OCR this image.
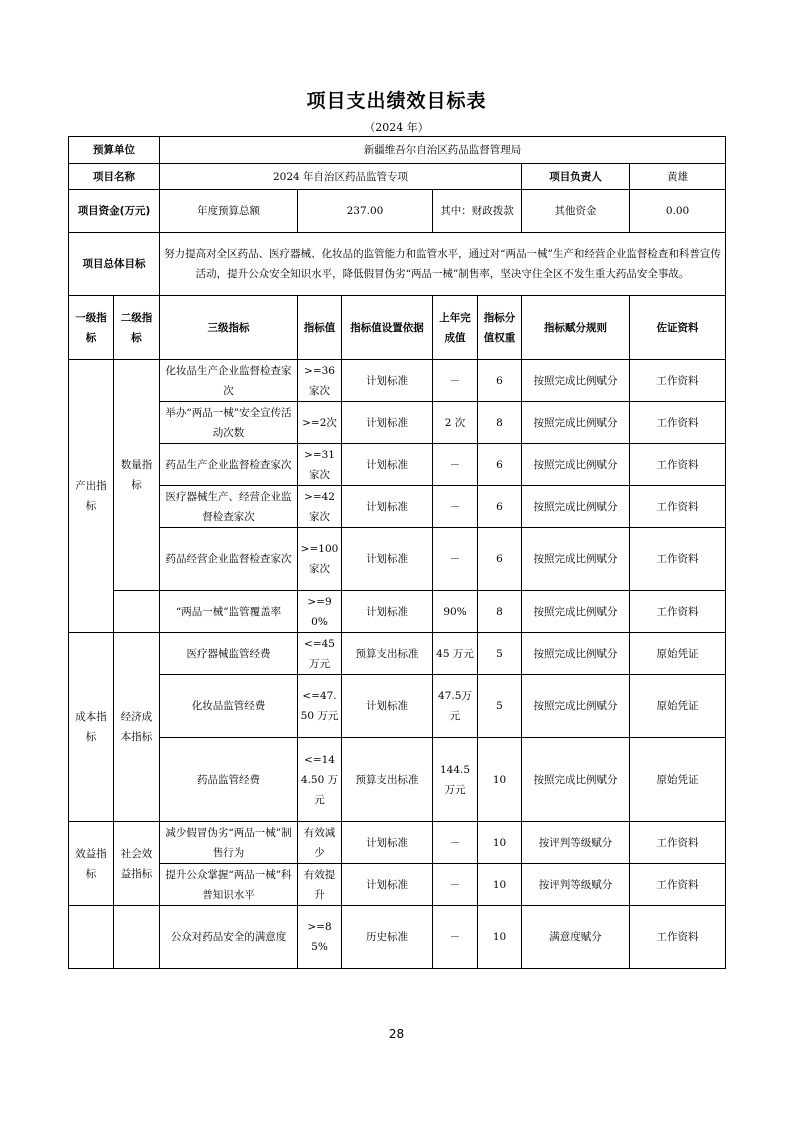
项目支出绩效目标表
（2024 年）
预算单位		新疆维吾尔自治区药品监督管理局						
项目名称		2024 年自治区药品监管专项					项目负责人	黄雄
项目资金(万元)		年度预算总额	237.00		其中：财政拨款		其他资金	0.00
项目总体目标		努力提高对全区药品、医疗器械、化妆品的监管能力和监管水平，通过对“两品一械”生产和经营企业监督检查和科普宣传活动，提升公众安全知识水平，降低假冒伪劣“两品一械”制售率，坚决守住全区不发生重大药品安全事故。						
一级指标	二级指标	三级指标	指标值	指标值设置依据	上年完成值	指标分值权重	指标赋分规则	佐证资料
产出指标	数量指标	化妆品生产企业监督检查家次	>=36家次	计划标准	－	6	按照完成比例赋分	工作资料
		举办“两品一械”安全宣传活动次数	>=2次	计划标准	2 次	8	按照完成比例赋分	工作资料
		药品生产企业监督检查家次	>=31家次	计划标准	－	6	按照完成比例赋分	工作资料
		医疗器械生产、经营企业监督检查家次	>=42家次	计划标准	－	6	按照完成比例赋分	工作资料
		药品经营企业监督检查家次	>=100家次	计划标准	－	6	按照完成比例赋分	工作资料
		“两品一械”监管覆盖率	>=90%	计划标准	90%	8	按照完成比例赋分	工作资料
成本指标	经济成本指标	医疗器械监管经费	<=45万元	预算支出标准	45 万元	5	按照完成比例赋分	原始凭证
		化妆品监管经费	<=47.50 万元	计划标准	47.5万元	5	按照完成比例赋分	原始凭证
		药品监管经费	<=144.50 万元	预算支出标准	144.5万元	10	按照完成比例赋分	原始凭证
效益指标	社会效益指标	减少假冒伪劣“两品一械”制售行为	有效减少	计划标准	－	10	按评判等级赋分	工作资料
		提升公众掌握“两品一械”科普知识水平	有效提升	计划标准	－	10	按评判等级赋分	工作资料
		公众对药品安全的满意度	>=85%	历史标准	－	10	满意度赋分	工作资料
28
